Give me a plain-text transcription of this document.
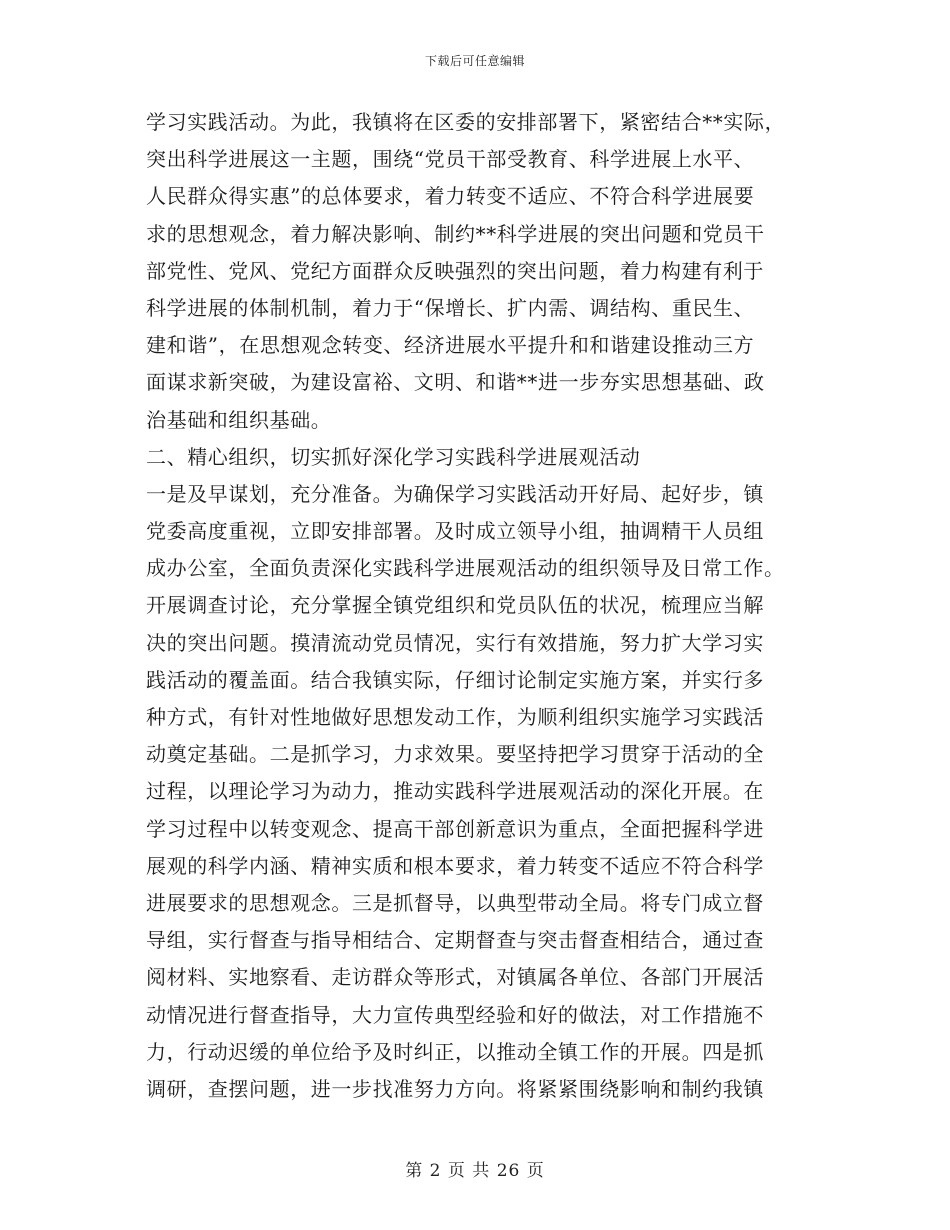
下载后可任意编辑
学习实践活动。为此，我镇将在区委的安排部署下，紧密结合**实际，
突出科学进展这一主题，围绕“党员干部受教育、科学进展上水平、
人民群众得实惠”的总体要求，着力转变不适应、不符合科学进展要
求的思想观念，着力解决影响、制约**科学进展的突出问题和党员干
部党性、党风、党纪方面群众反映强烈的突出问题，着力构建有利于
科学进展的体制机制，着力于“保增长、扩内需、调结构、重民生、
建和谐”，在思想观念转变、经济进展水平提升和和谐建设推动三方
面谋求新突破，为建设富裕、文明、和谐**进一步夯实思想基础、政
治基础和组织基础。
二、精心组织，切实抓好深化学习实践科学进展观活动
一是及早谋划，充分准备。为确保学习实践活动开好局、起好步，镇
党委高度重视，立即安排部署。及时成立领导小组，抽调精干人员组
成办公室，全面负责深化实践科学进展观活动的组织领导及日常工作。
开展调查讨论，充分掌握全镇党组织和党员队伍的状况，梳理应当解
决的突出问题。摸清流动党员情况，实行有效措施，努力扩大学习实
践活动的覆盖面。结合我镇实际，仔细讨论制定实施方案，并实行多
种方式，有针对性地做好思想发动工作，为顺利组织实施学习实践活
动奠定基础。二是抓学习，力求效果。要坚持把学习贯穿于活动的全
过程，以理论学习为动力，推动实践科学进展观活动的深化开展。在
学习过程中以转变观念、提高干部创新意识为重点，全面把握科学进
展观的科学内涵、精神实质和根本要求，着力转变不适应不符合科学
进展要求的思想观念。三是抓督导，以典型带动全局。将专门成立督
导组，实行督查与指导相结合、定期督查与突击督查相结合，通过查
阅材料、实地察看、走访群众等形式，对镇属各单位、各部门开展活
动情况进行督查指导，大力宣传典型经验和好的做法，对工作措施不
力，行动迟缓的单位给予及时纠正，以推动全镇工作的开展。四是抓
调研，查摆问题，进一步找准努力方向。将紧紧围绕影响和制约我镇
第 2 页 共 26 页
